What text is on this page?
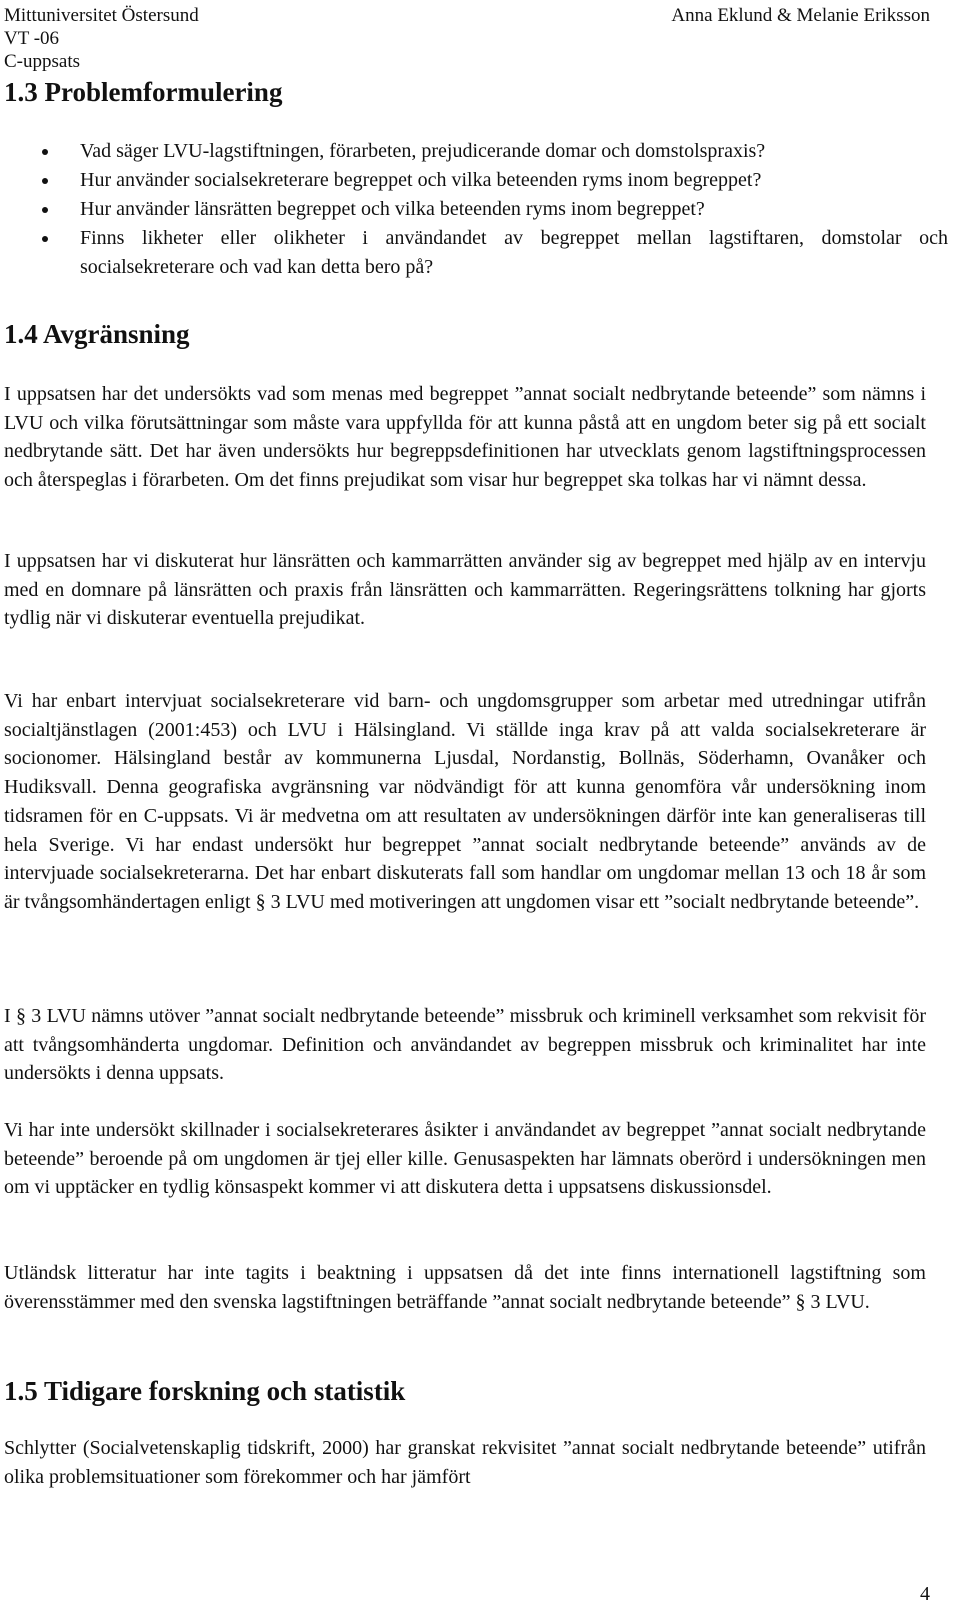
Mittuniversitet Östersund
VT -06
C-uppsats
Anna Eklund & Melanie Eriksson
1.3 Problemformulering
Vad säger LVU-lagstiftningen, förarbeten, prejudicerande domar och domstolspraxis?
Hur använder socialsekreterare begreppet och vilka beteenden ryms inom begreppet?
Hur använder länsrätten begreppet och vilka beteenden ryms inom begreppet?
Finns likheter eller olikheter i användandet av begreppet mellan lagstiftaren, domstolar och socialsekreterare och vad kan detta bero på?
1.4 Avgränsning

I uppsatsen har det undersökts vad som menas med begreppet ”annat socialt nedbrytande beteende” som nämns i LVU och vilka förutsättningar som måste vara uppfyllda för att kunna påstå att en ungdom beter sig på ett socialt nedbrytande sätt. Det har även undersökts hur begreppsdefinitionen har utvecklats genom lagstiftningsprocessen och återspeglas i förarbeten. Om det finns prejudikat som visar hur begreppet ska tolkas har vi nämnt dessa.

I uppsatsen har vi diskuterat hur länsrätten och kammarrätten använder sig av begreppet med hjälp av en intervju med en domnare på länsrätten och praxis från länsrätten och kammarrätten. Regeringsrättens tolkning har gjorts tydlig när vi diskuterar eventuella prejudikat.

Vi har enbart intervjuat socialsekreterare vid barn- och ungdomsgrupper som arbetar med utredningar utifrån socialtjänstlagen (2001:453) och LVU i Hälsingland. Vi ställde inga krav på att valda socialsekreterare är socionomer. Hälsingland består av kommunerna Ljusdal, Nordanstig, Bollnäs, Söderhamn, Ovanåker och Hudiksvall. Denna geografiska avgränsning var nödvändigt för att kunna genomföra vår undersökning inom tidsramen för en C-uppsats. Vi är medvetna om att resultaten av undersökningen därför inte kan generaliseras till hela Sverige. Vi har endast undersökt hur begreppet ”annat socialt nedbrytande beteende” används av de intervjuade socialsekreterarna. Det har enbart diskuterats fall som handlar om ungdomar mellan 13 och 18 år som är tvångsomhändertagen enligt § 3 LVU med motiveringen att ungdomen visar ett ”socialt nedbrytande beteende”.

I § 3 LVU nämns utöver ”annat socialt nedbrytande beteende” missbruk och kriminell verksamhet som rekvisit för att tvångsomhänderta ungdomar. Definition och användandet av begreppen missbruk och kriminalitet har inte undersökts i denna uppsats.

Vi har inte undersökt skillnader i socialsekreterares åsikter i användandet av begreppet ”annat socialt nedbrytande beteende” beroende på om ungdomen är tjej eller kille. Genusaspekten har lämnats oberörd i undersökningen men om vi upptäcker en tydlig könsaspekt kommer vi att diskutera detta i uppsatsens diskussionsdel.

Utländsk litteratur har inte tagits i beaktning i uppsatsen då det inte finns internationell lagstiftning som överensstämmer med den svenska lagstiftningen beträffande ”annat socialt nedbrytande beteende” § 3 LVU.

1.5 Tidigare forskning och statistik

Schlytter (Socialvetenskaplig tidskrift, 2000) har granskat rekvisitet ”annat socialt nedbrytande beteende” utifrån olika problemsituationer som förekommer och har jämfört

4
